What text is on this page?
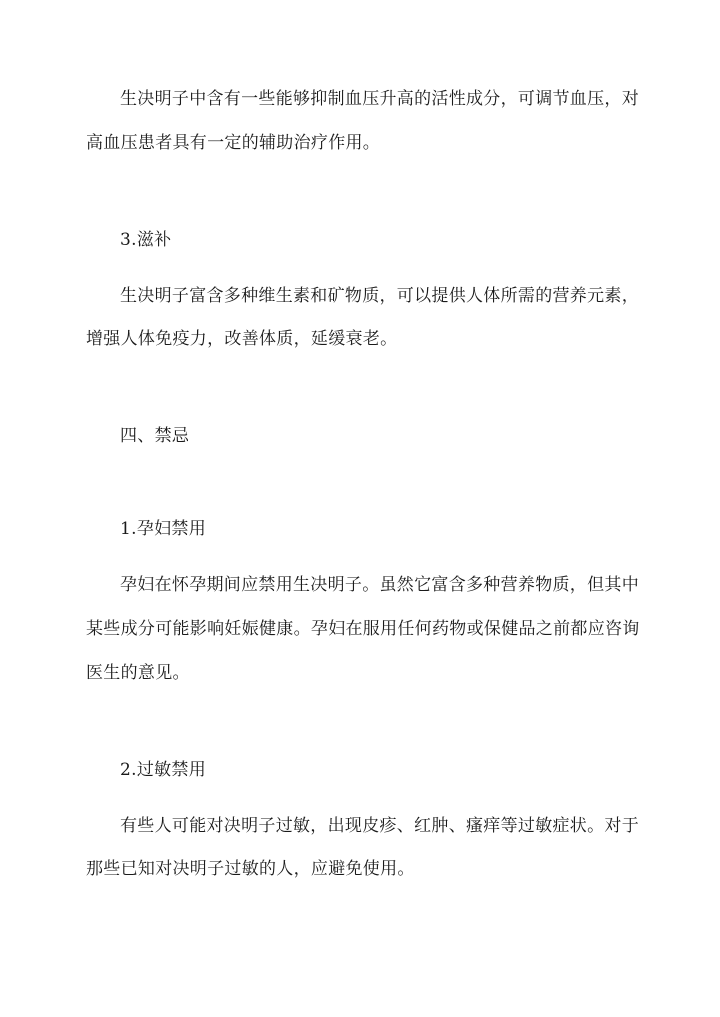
生决明子中含有一些能够抑制血压升高的活性成分，可调节血压，对
高血压患者具有一定的辅助治疗作用。
3.滋补
生决明子富含多种维生素和矿物质，可以提供人体所需的营养元素，
增强人体免疫力，改善体质，延缓衰老。
四、禁忌
1.孕妇禁用
孕妇在怀孕期间应禁用生决明子。虽然它富含多种营养物质，但其中
某些成分可能影响妊娠健康。孕妇在服用任何药物或保健品之前都应咨询
医生的意见。
2.过敏禁用
有些人可能对决明子过敏，出现皮疹、红肿、瘙痒等过敏症状。对于
那些已知对决明子过敏的人，应避免使用。
